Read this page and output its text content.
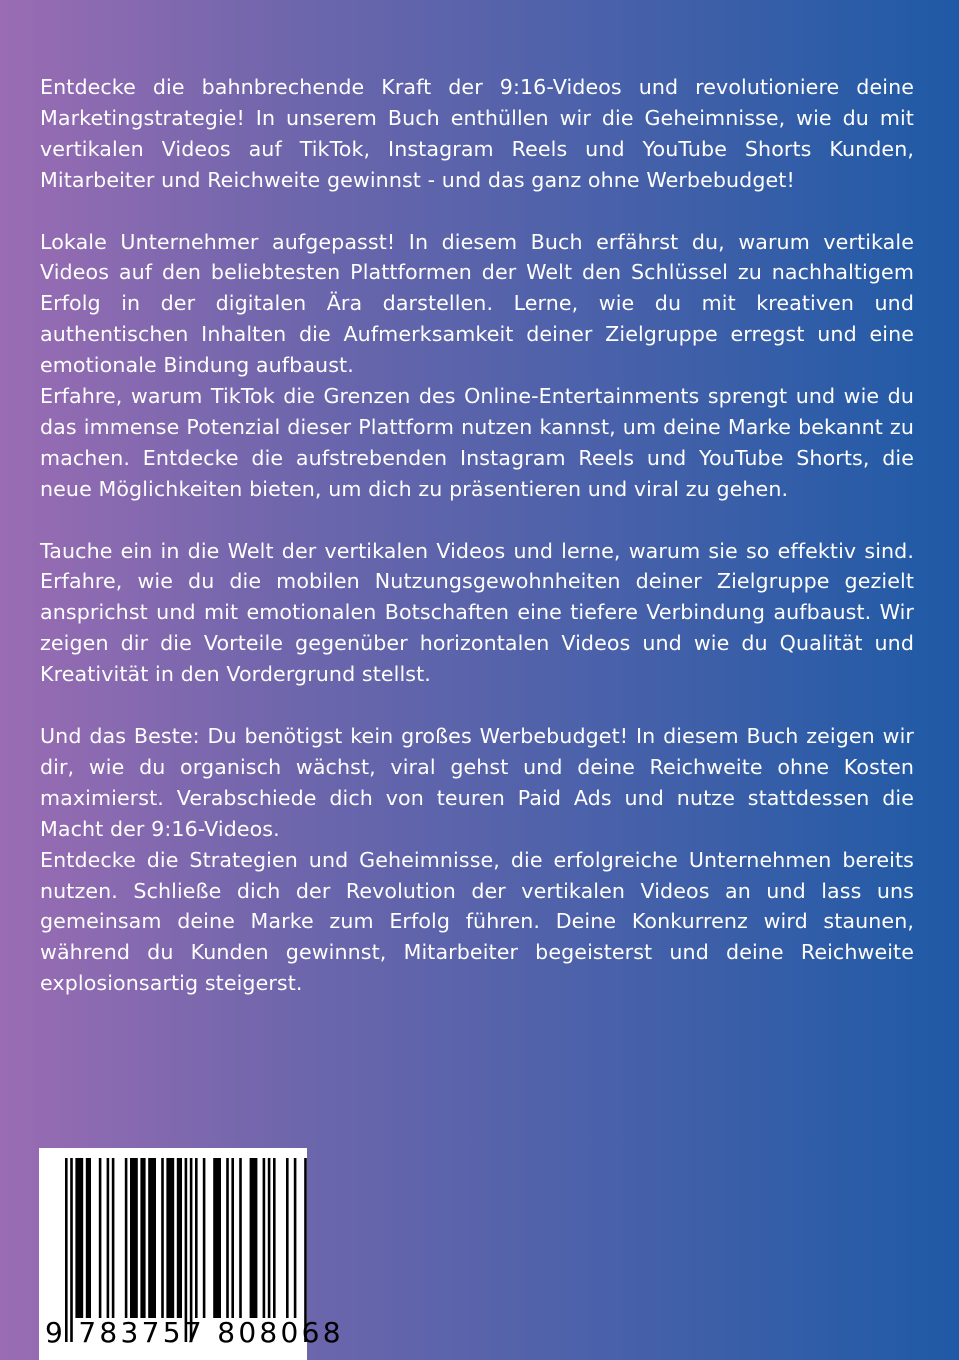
Entdecke die bahnbrechende Kraft der 9:16-Videos und revolutioniere deine Marketingstrategie! In unserem Buch enthüllen wir die Geheimnisse, wie du mit vertikalen Videos auf TikTok, Instagram Reels und YouTube Shorts Kunden, Mitarbeiter und Reichweite gewinnst - und das ganz ohne Werbebudget!

Lokale Unternehmer aufgepasst! In diesem Buch erfährst du, warum vertikale Videos auf den beliebtesten Plattformen der Welt den Schlüssel zu nachhaltigem Erfolg in der digitalen Ära darstellen. Lerne, wie du mit kreativen und authentischen Inhalten die Aufmerksamkeit deiner Zielgruppe erregst und eine emotionale Bindung aufbaust.

Erfahre, warum TikTok die Grenzen des Online-Entertainments sprengt und wie du das immense Potenzial dieser Plattform nutzen kannst, um deine Marke bekannt zu machen. Entdecke die aufstrebenden Instagram Reels und YouTube Shorts, die neue Möglichkeiten bieten, um dich zu präsentieren und viral zu gehen.

Tauche ein in die Welt der vertikalen Videos und lerne, warum sie so effektiv sind. Erfahre, wie du die mobilen Nutzungsgewohnheiten deiner Zielgruppe gezielt ansprichst und mit emotionalen Botschaften eine tiefere Verbindung aufbaust. Wir zeigen dir die Vorteile gegenüber horizontalen Videos und wie du Qualität und Kreativität in den Vordergrund stellst.

Und das Beste: Du benötigst kein großes Werbebudget! In diesem Buch zeigen wir dir, wie du organisch wächst, viral gehst und deine Reichweite ohne Kosten maximierst. Verabschiede dich von teuren Paid Ads und nutze stattdessen die Macht der 9:16-Videos.

Entdecke die Strategien und Geheimnisse, die erfolgreiche Unternehmen bereits nutzen. Schließe dich der Revolution der vertikalen Videos an und lass uns gemeinsam deine Marke zum Erfolg führen. Deine Konkurrenz wird staunen, während du Kunden gewinnst, Mitarbeiter begeisterst und deine Reichweite explosionsartig steigerst.

9 783757 808068
